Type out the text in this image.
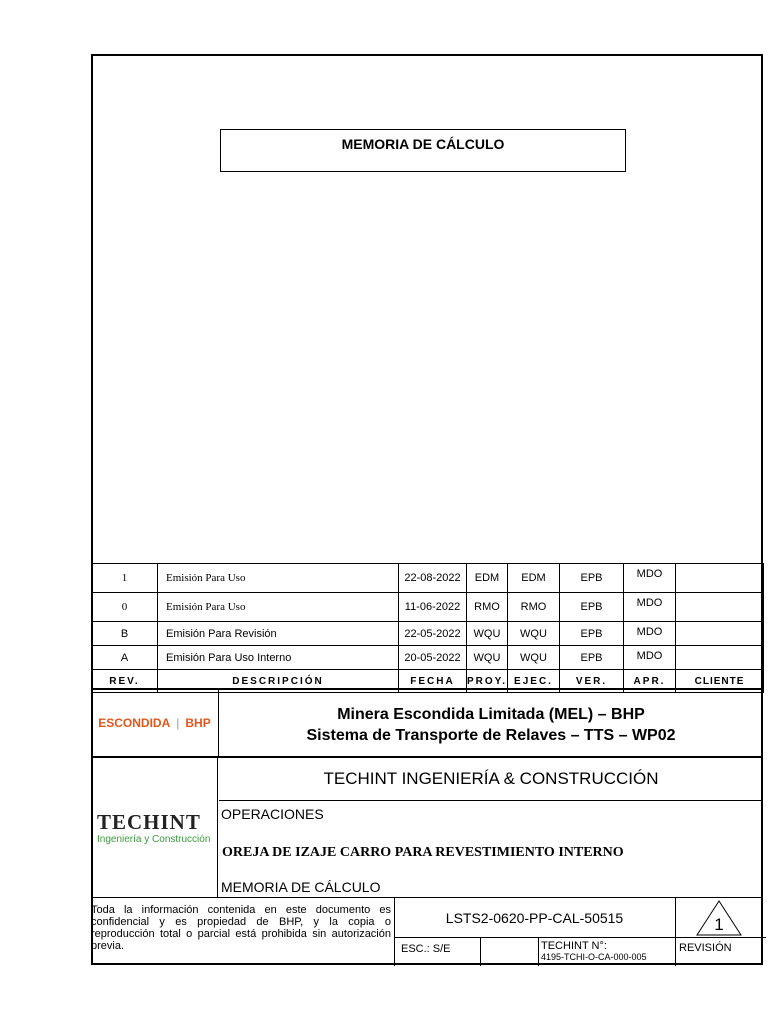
MEMORIA DE CÁLCULO
1	Emisión Para Uso	22-08-2022	EDM	EDM	EPB	MDO	
0	Emisión Para Uso	11-06-2022	RMO	RMO	EPB	MDO	
B	Emisión Para Revisión	22-05-2022	WQU	WQU	EPB	MDO	
A	Emisión Para Uso Interno	20-05-2022	WQU	WQU	EPB	MDO	
REV.	DESCRIPCIÓN	FECHA	PROY.	EJEC.	VER.	APR.	CLIENTE
ESCONDIDA | BHP	Minera Escondida Limitada (MEL) – BHP
Sistema de Transporte de Relaves – TTS – WP02
TECHINT
Ingeniería y Construcción
TECHINT INGENIERÍA & CONSTRUCCIÓN
OPERACIONES
OREJA DE IZAJE CARRO PARA REVESTIMIENTO INTERNO
MEMORIA DE CÁLCULO
Toda la información contenida en este documento es confidencial y es propiedad de BHP, y la copia o reproducción total o parcial está prohibida sin autorización previa.
LSTS2-0620-PP-CAL-50515	1
REVISIÓN
ESC.: S/E	TECHINT N°:
4195-TCHI-O-CA-000-005
